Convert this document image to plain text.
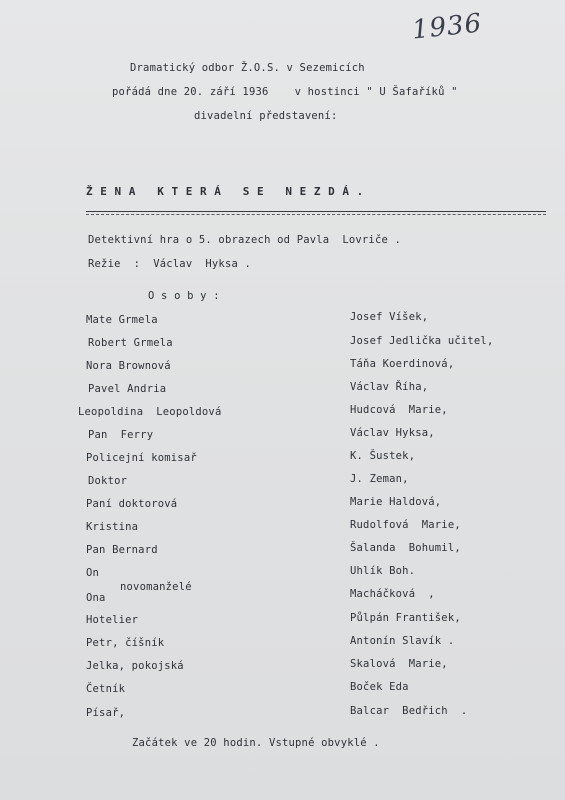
1936
Dramatický odbor Ž.O.S. v Sezemicích
pořádá dne 20. září 1936    v hostinci " U Šafaříků "
divadelní představení:
Ž E N A   K T E R Á   S E   N E Z D Á .
Detektivní hra o 5. obrazech od Pavla  Lovriče .
Režie  :  Václav  Hyksa .
O s o b y :
Mate Grmela
Robert Grmela
Nora Brownová
Pavel Andria
Leopoldina  Leopoldová
Pan  Ferry
Policejní komisař
Doktor
Paní doktorová
Kristina
Pan Bernard
On
Ona
Hotelier
Petr, číšník
Jelka, pokojská
Četník
Písař,
Josef Víšek,
Josef Jedlička učitel,
Táňa Koerdinová,
Václav Říha,
Hudcová  Marie,
Václav Hyksa,
K. Šustek,
J. Zeman,
Marie Haldová,
Rudolfová  Marie,
Šalanda  Bohumil,
Uhlík Boh.
Macháčková  ,
Půlpán František,
Antonín Slavík .
Skalová  Marie,
Boček Eda
Balcar  Bedřich  .
novomanželé
Začátek ve 20 hodin. Vstupné obvyklé .
